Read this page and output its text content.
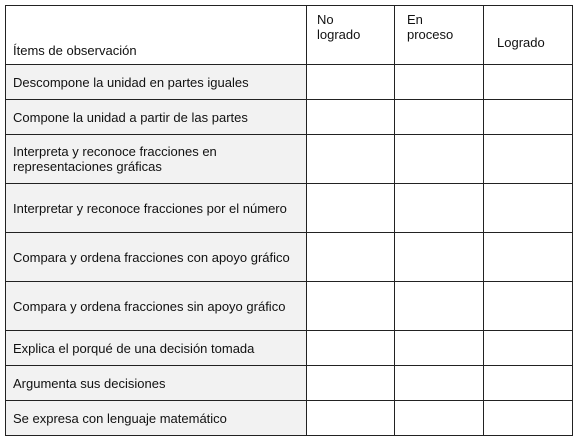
Ítems de observación	No logrado	En proceso	Logrado

Descompone la unidad en partes iguales			
Compone la unidad a partir de las partes			
Interpreta y reconoce fracciones en representaciones gráficas			
Interpretar y reconoce fracciones por el número			
Compara y ordena fracciones con apoyo gráfico			
Compara y ordena fracciones sin apoyo gráfico			
Explica el porqué de una decisión tomada			
Argumenta sus decisiones			
Se expresa con lenguaje matemático			
